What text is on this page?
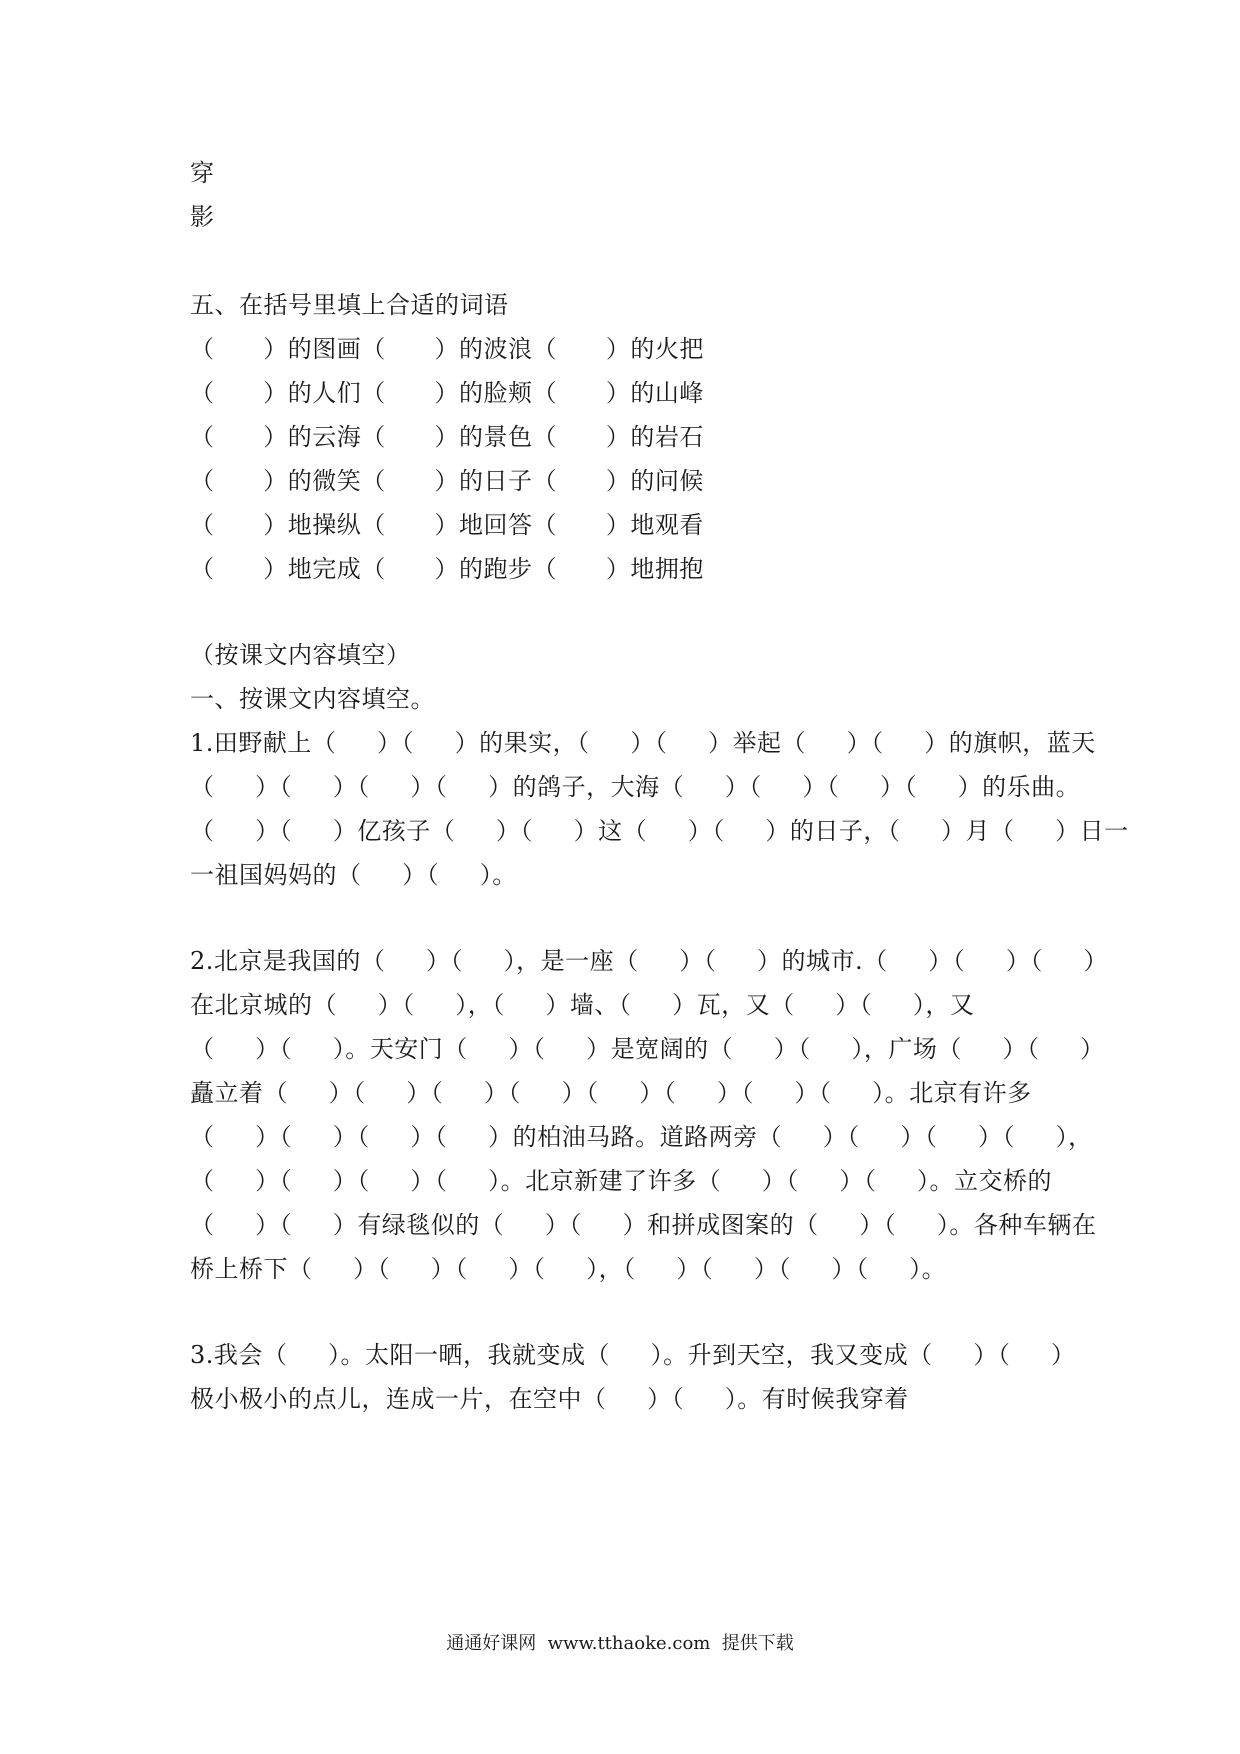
穿
影
五、在括号里填上合适的词语
（      ）的图画（      ）的波浪（      ）的火把
（      ）的人们（      ）的脸颊（      ）的山峰
（      ）的云海（      ）的景色（      ）的岩石
（      ）的微笑（      ）的日子（      ）的问候
（      ）地操纵（      ）地回答（      ）地观看
（      ）地完成（      ）的跑步（      ）地拥抱
（按课文内容填空）
一、按课文内容填空。
1.田野献上（     ）（     ）的果实，（     ）（     ）举起（     ）（     ）的旗帜，蓝天
（     ）（     ）（     ）（     ）的鸽子，大海（     ）（     ）（     ）（     ）的乐曲。
（     ）（     ）亿孩子（     ）（     ）这（     ）（     ）的日子，（     ）月（     ）日一
一祖国妈妈的（     ）（     ）。
2.北京是我国的（     ）（     ），是一座（     ）（     ）的城市.（     ）（     ）（     ）
在北京城的（     ）（     ），（     ）墙、（     ）瓦，又（     ）（     ），又
（     ）（     ）。天安门（     ）（     ）是宽阔的（     ）（     ），广场（     ）（     ）
矗立着（     ）（     ）（     ）（     ）（     ）（     ）（     ）（     ）。北京有许多
（     ）（     ）（     ）（     ）的柏油马路。道路两旁（     ）（     ）（     ）（     ），
（     ）（     ）（     ）（     ）。北京新建了许多（     ）（     ）（     ）。立交桥的
（     ）（     ）有绿毯似的（     ）（     ）和拼成图案的（     ）（     ）。各种车辆在
桥上桥下（     ）（     ）（     ）（     ），（     ）（     ）（     ）（     ）。
3.我会（     ）。太阳一晒，我就变成（     ）。升到天空，我又变成（     ）（     ）
极小极小的点儿，连成一片，在空中（     ）（     ）。有时候我穿着
通通好课网  www.tthaoke.com  提供下载
